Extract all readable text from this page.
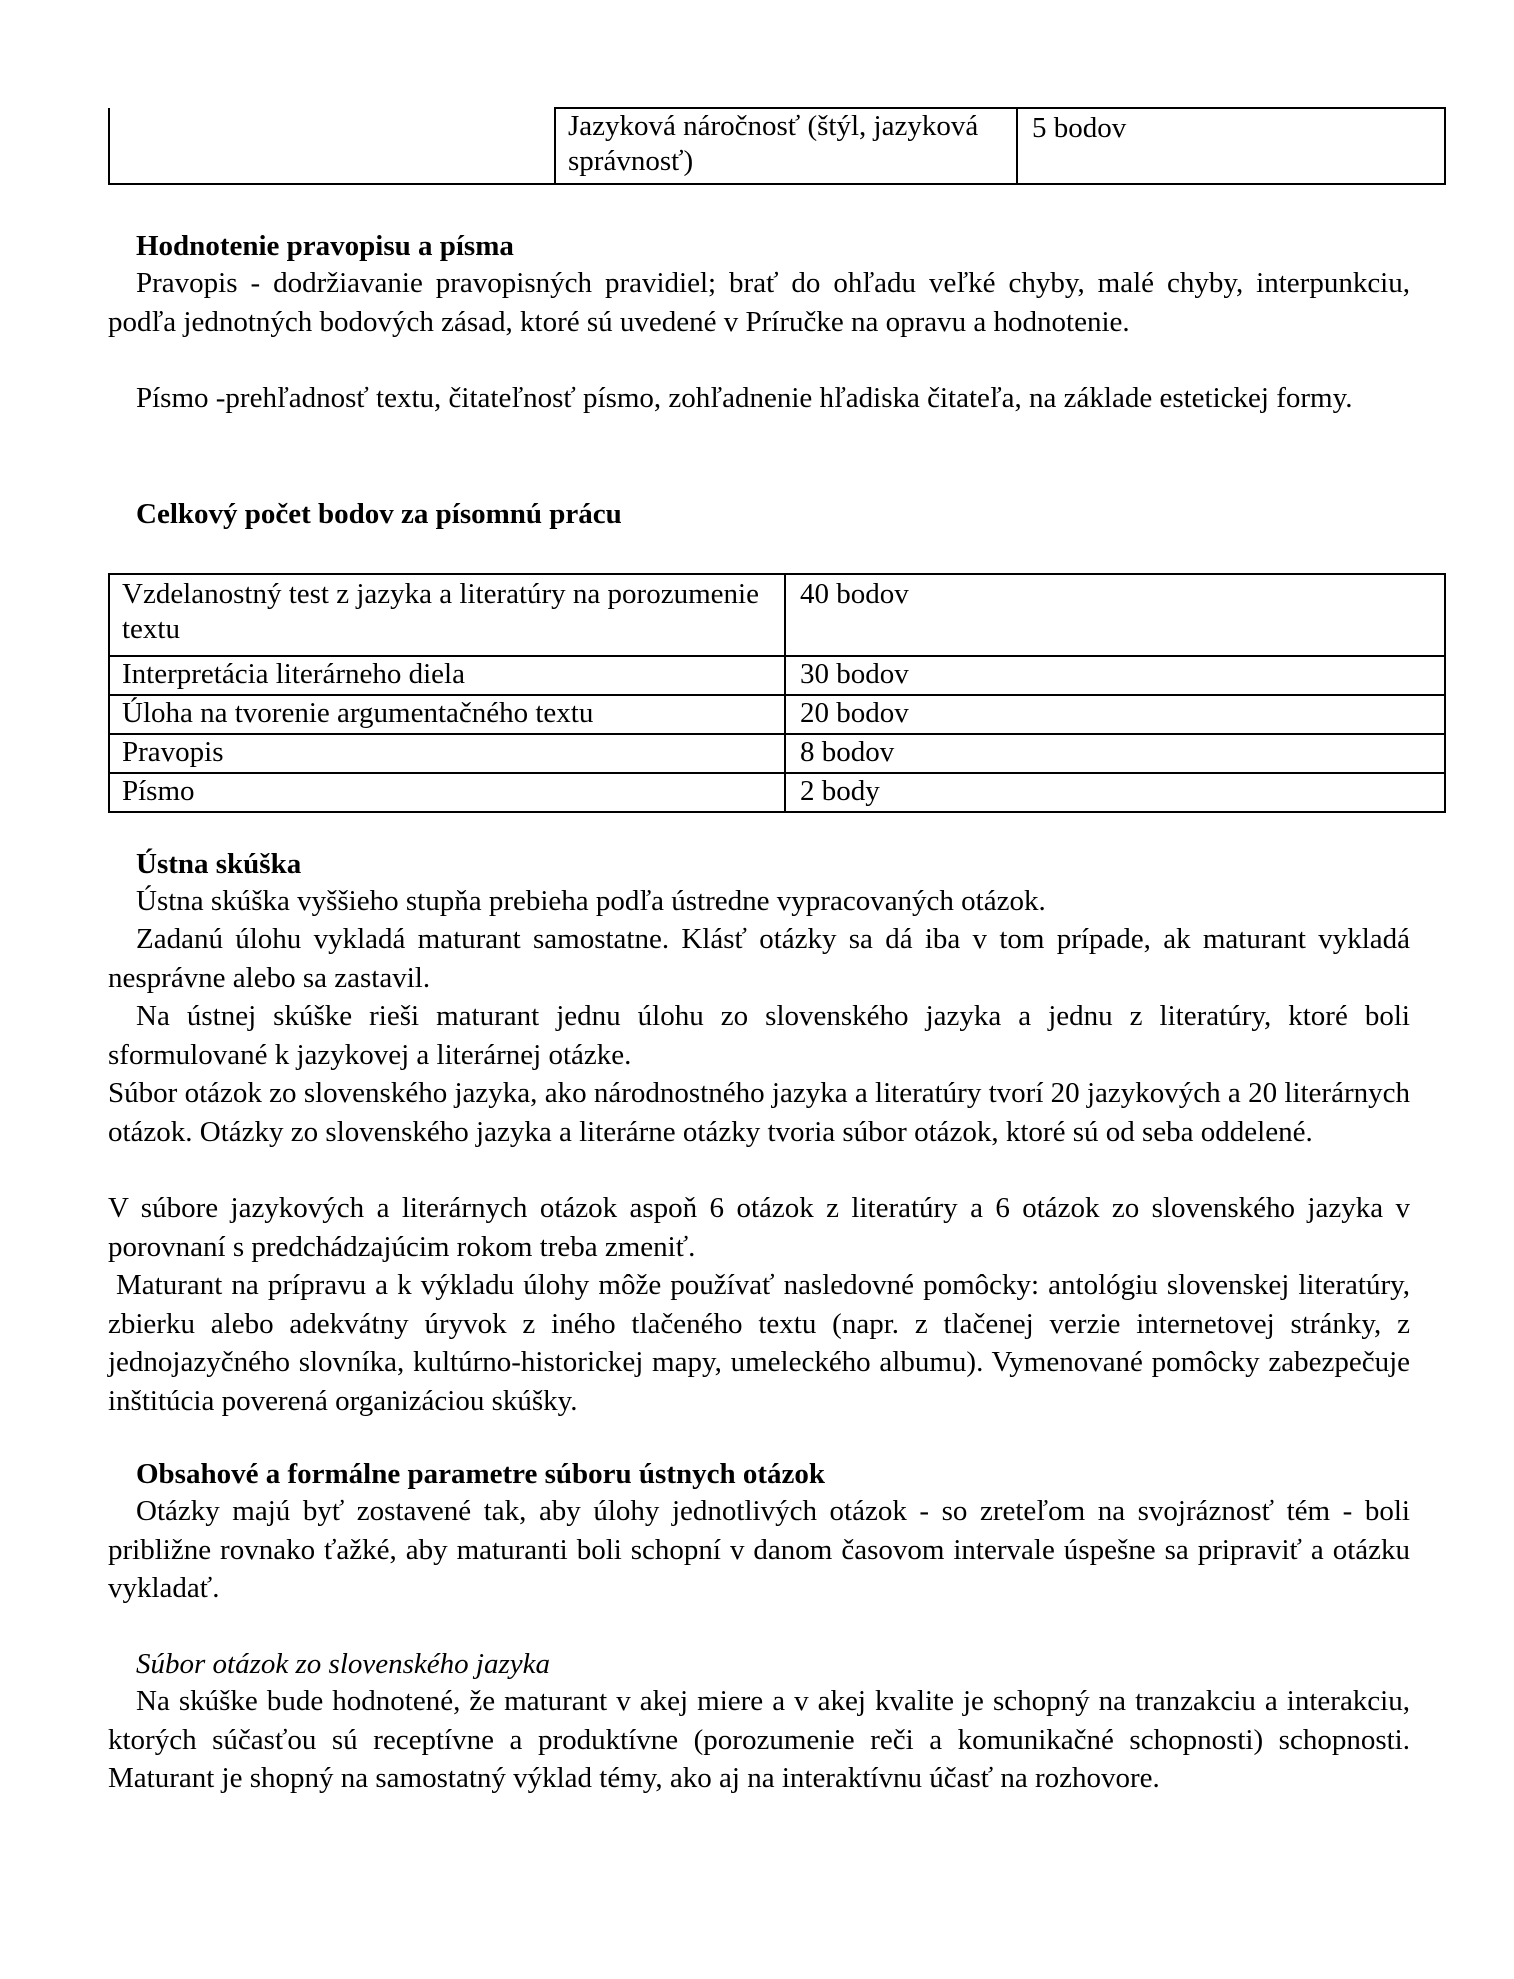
	Jazyková náročnosť (štýl, jazyková správnosť)	5 bodov
Hodnotenie pravopisu a písma
Pravopis - dodržiavanie pravopisných pravidiel; brať do ohľadu veľké chyby, malé chyby, interpunkciu, podľa jednotných bodových zásad, ktoré sú uvedené v Príručke na opravu a hodnotenie.
Písmo -prehľadnosť textu, čitateľnosť písmo, zohľadnenie hľadiska čitateľa, na základe estetickej formy.
Celkový počet bodov za písomnú prácu
Vzdelanostný test z jazyka a literatúry na porozumenie textu	40 bodov
Interpretácia literárneho diela	30 bodov
Úloha na tvorenie argumentačného textu	20 bodov
Pravopis	8 bodov
Písmo	2 body
Ústna skúška
Ústna skúška vyššieho stupňa prebieha podľa ústredne vypracovaných otázok.
Zadanú úlohu vykladá maturant samostatne. Klásť otázky sa dá iba v tom prípade, ak maturant vykladá nesprávne alebo sa zastavil.
Na ústnej skúške rieši maturant jednu úlohu zo slovenského jazyka a jednu z literatúry, ktoré boli sformulované k jazykovej a literárnej otázke.
Súbor otázok zo slovenského jazyka, ako národnostného jazyka a literatúry tvorí 20 jazykových a 20 literárnych otázok. Otázky zo slovenského jazyka a literárne otázky tvoria súbor otázok, ktoré sú od seba oddelené.
V súbore jazykových a literárnych otázok aspoň 6 otázok z literatúry a 6 otázok zo slovenského jazyka v porovnaní s predchádzajúcim rokom treba zmeniť.
Maturant na prípravu a k výkladu úlohy môže používať nasledovné pomôcky: antológiu slovenskej literatúry, zbierku alebo adekvátny úryvok z iného tlačeného textu (napr. z tlačenej verzie internetovej stránky, z jednojazyčného slovníka, kultúrno-historickej mapy, umeleckého albumu). Vymenované pomôcky zabezpečuje inštitúcia poverená organizáciou skúšky.
Obsahové a formálne parametre súboru ústnych otázok
Otázky majú byť zostavené tak, aby úlohy jednotlivých otázok - so zreteľom na svojráznosť tém - boli približne rovnako ťažké, aby maturanti boli schopní v danom časovom intervale úspešne sa pripraviť a otázku vykladať.
Súbor otázok zo slovenského jazyka
Na skúške bude hodnotené, že maturant v akej miere a v akej kvalite je schopný na tranzakciu a interakciu, ktorých súčasťou sú receptívne a produktívne (porozumenie reči a komunikačné schopnosti) schopnosti. Maturant je shopný na samostatný výklad témy, ako aj na interaktívnu účasť na rozhovore.
